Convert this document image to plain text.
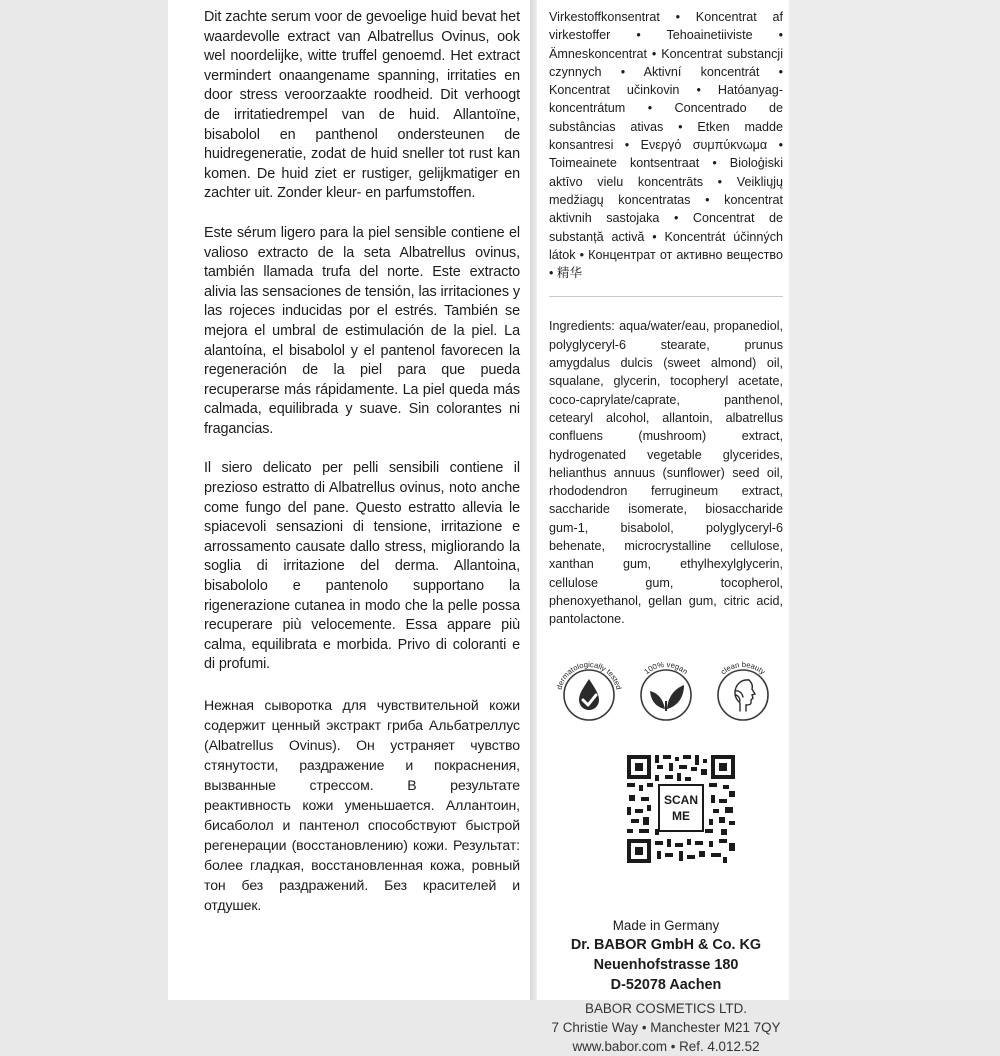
Dit zachte serum voor de gevoelige huid bevat het waardevolle extract van Albatrellus Ovinus, ook wel noordelijke, witte truffel genoemd. Het extract vermindert onaangename spanning, irritaties en door stress veroorzaakte roodheid. Dit verhoogt de irritatiedrempel van de huid. Allantoïne, bisabolol en panthenol ondersteunen de huidregeneratie, zodat de huid sneller tot rust kan komen. De huid ziet er rustiger, gelijkmatiger en zachter uit. Zonder kleur- en parfumstoffen.

Este sérum ligero para la piel sensible contiene el valioso extracto de la seta Albatrellus ovinus, también llamada trufa del norte. Este extracto alivia las sensaciones de tensión, las irritaciones y las rojeces inducidas por el estrés. También se mejora el umbral de estimulación de la piel. La alantoína, el bisabolol y el pantenol favorecen la regeneración de la piel para que pueda recuperarse más rápidamente. La piel queda más calmada, equilibrada y suave. Sin colorantes ni fragancias.

Il siero delicato per pelli sensibili contiene il prezioso estratto di Albatrellus ovinus, noto anche come fungo del pane. Questo estratto allevia le spiacevoli sensazioni di tensione, irritazione e arrossamento causate dallo stress, migliorando la soglia di irritazione del derma. Allantoina, bisabololo e pantenolo supportano la rigenerazione cutanea in modo che la pelle possa recuperare più velocemente. Essa appare più calma, equilibrata e morbida. Privo di coloranti e di profumi.

Нежная сыворотка для чувствительной кожи содержит ценный экстракт гриба Альбатреллус (Albatrellus Ovinus). Он устраняет чувство стянутости, раздражение и покраснения, вызванные стрессом. В результате реактивность кожи уменьшается. Аллантоин, бисаболол и пантенол способствуют быстрой регенерации (восстановлению) кожи. Результат: более гладкая, восстановленная кожа, ровный тон без раздражений. Без красителей и отдушек.

Virkestoffkonsentrat • Koncentrat af virkestoffer • Tehoainetiiviste • Ämneskoncentrat • Koncentrat substancji czynnych • Aktivní koncentrát • Koncentrat učinkovin • Hatóanyag-koncentrátum • Concentrado de substâncias ativas • Etken madde konsantresi • Ενεργό συμπύκνωμα • Toimeainete kontsentraat • Bioloģiski aktīvo vielu koncentrāts • Veikliųjų medžiagų koncentratas • koncentrat aktivnih sastojaka • Concentrat de substanță activă • Koncentrát účinných látok • Концентрат от активно вещество • 精华

Ingredients: aqua/water/eau, propanediol, polyglyceryl-6 stearate, prunus amygdalus dulcis (sweet almond) oil, squalane, glycerin, tocopheryl acetate, coco-caprylate/caprate, panthenol, cetearyl alcohol, allantoin, albatrellus confluens (mushroom) extract, hydrogenated vegetable glycerides, helianthus annuus (sunflower) seed oil, rhododendron ferrugineum extract, saccharide isomerate, biosaccharide gum-1, bisabolol, polyglyceryl-6 behenate, microcrystalline cellulose, xanthan gum, ethylhexylglycerin, cellulose gum, tocopherol, phenoxyethanol, gellan gum, citric acid, pantolactone.

dermatologically tested
100% vegan	clean beauty
SCAN
ME
Made in Germany
Dr. BABOR GmbH & Co. KG
Neuenhofstrasse 180
D-52078 Aachen
BABOR COSMETICS LTD.
7 Christie Way • Manchester M21 7QY
www.babor.com • Ref. 4.012.52
